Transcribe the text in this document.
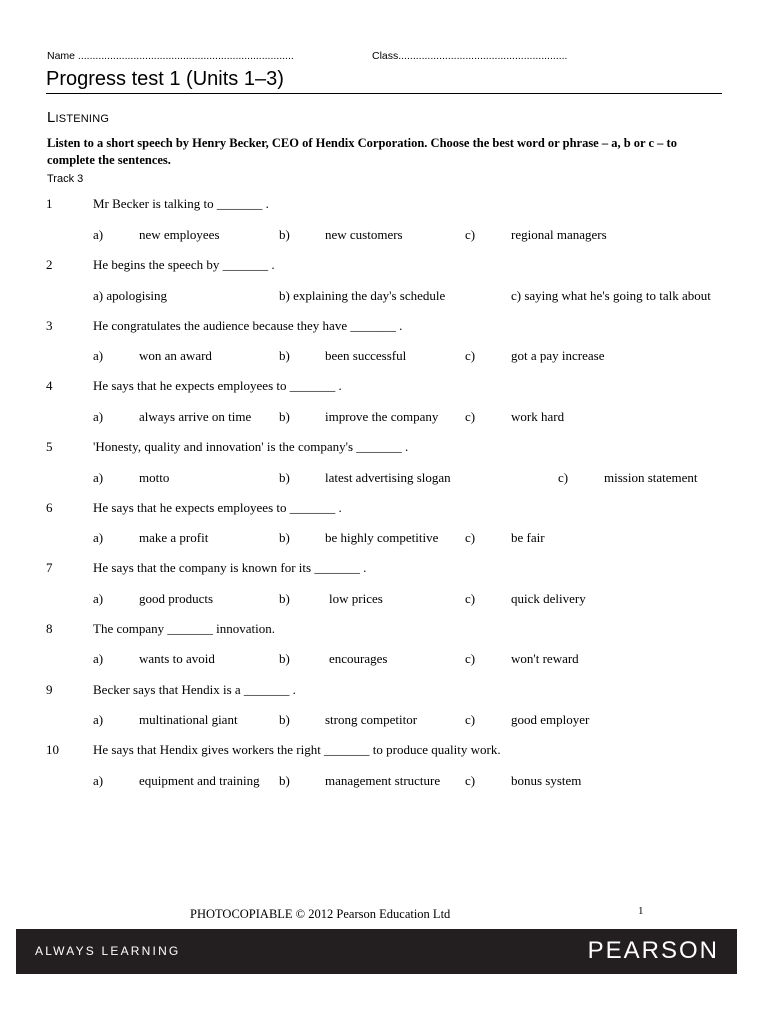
Name ..........................................................................	Class..........................................................
Progress test 1 (Units 1–3)
Listening
Listen to a short speech by Henry Becker, CEO of Hendix Corporation. Choose the best word or phrase – a, b or c – to complete the sentences.
Track 3
1	Mr Becker is talking to _______ .
a)	new employees	b)	new customers	c)	regional managers
2	He begins the speech by _______ .
a) apologising	b) explaining the day's schedule	c) saying what he's going to talk about
3	He congratulates the audience because they have _______ .
a)	won an award	b)	been successful	c)	got a pay increase
4	He says that he expects employees to _______ .
a)	always arrive on time b)	improve the company c)	work hard
5	'Honesty, quality and innovation' is the company's _______ .
a)	motto	b)	latest advertising slogan	c)	mission statement
6	He says that he expects employees to _______ .
a)	make a profit	b)	be highly competitive c)	be fair
7	He says that the company is known for its _______ .
a)	good products	b)	low prices	c)	quick delivery
8	The company _______ innovation.
a)	wants to avoid	b)	encourages	c)	won't reward
9	Becker says that Hendix is a _______ .
a)	multinational giant	b)	strong competitor	c)	good employer
10	He says that Hendix gives workers the right _______ to produce quality work.
a)	equipment and training b)	management structure c)	bonus system
PHOTOCOPIABLE © 2012 Pearson Education Ltd	1
ALWAYS LEARNING	PEARSON
